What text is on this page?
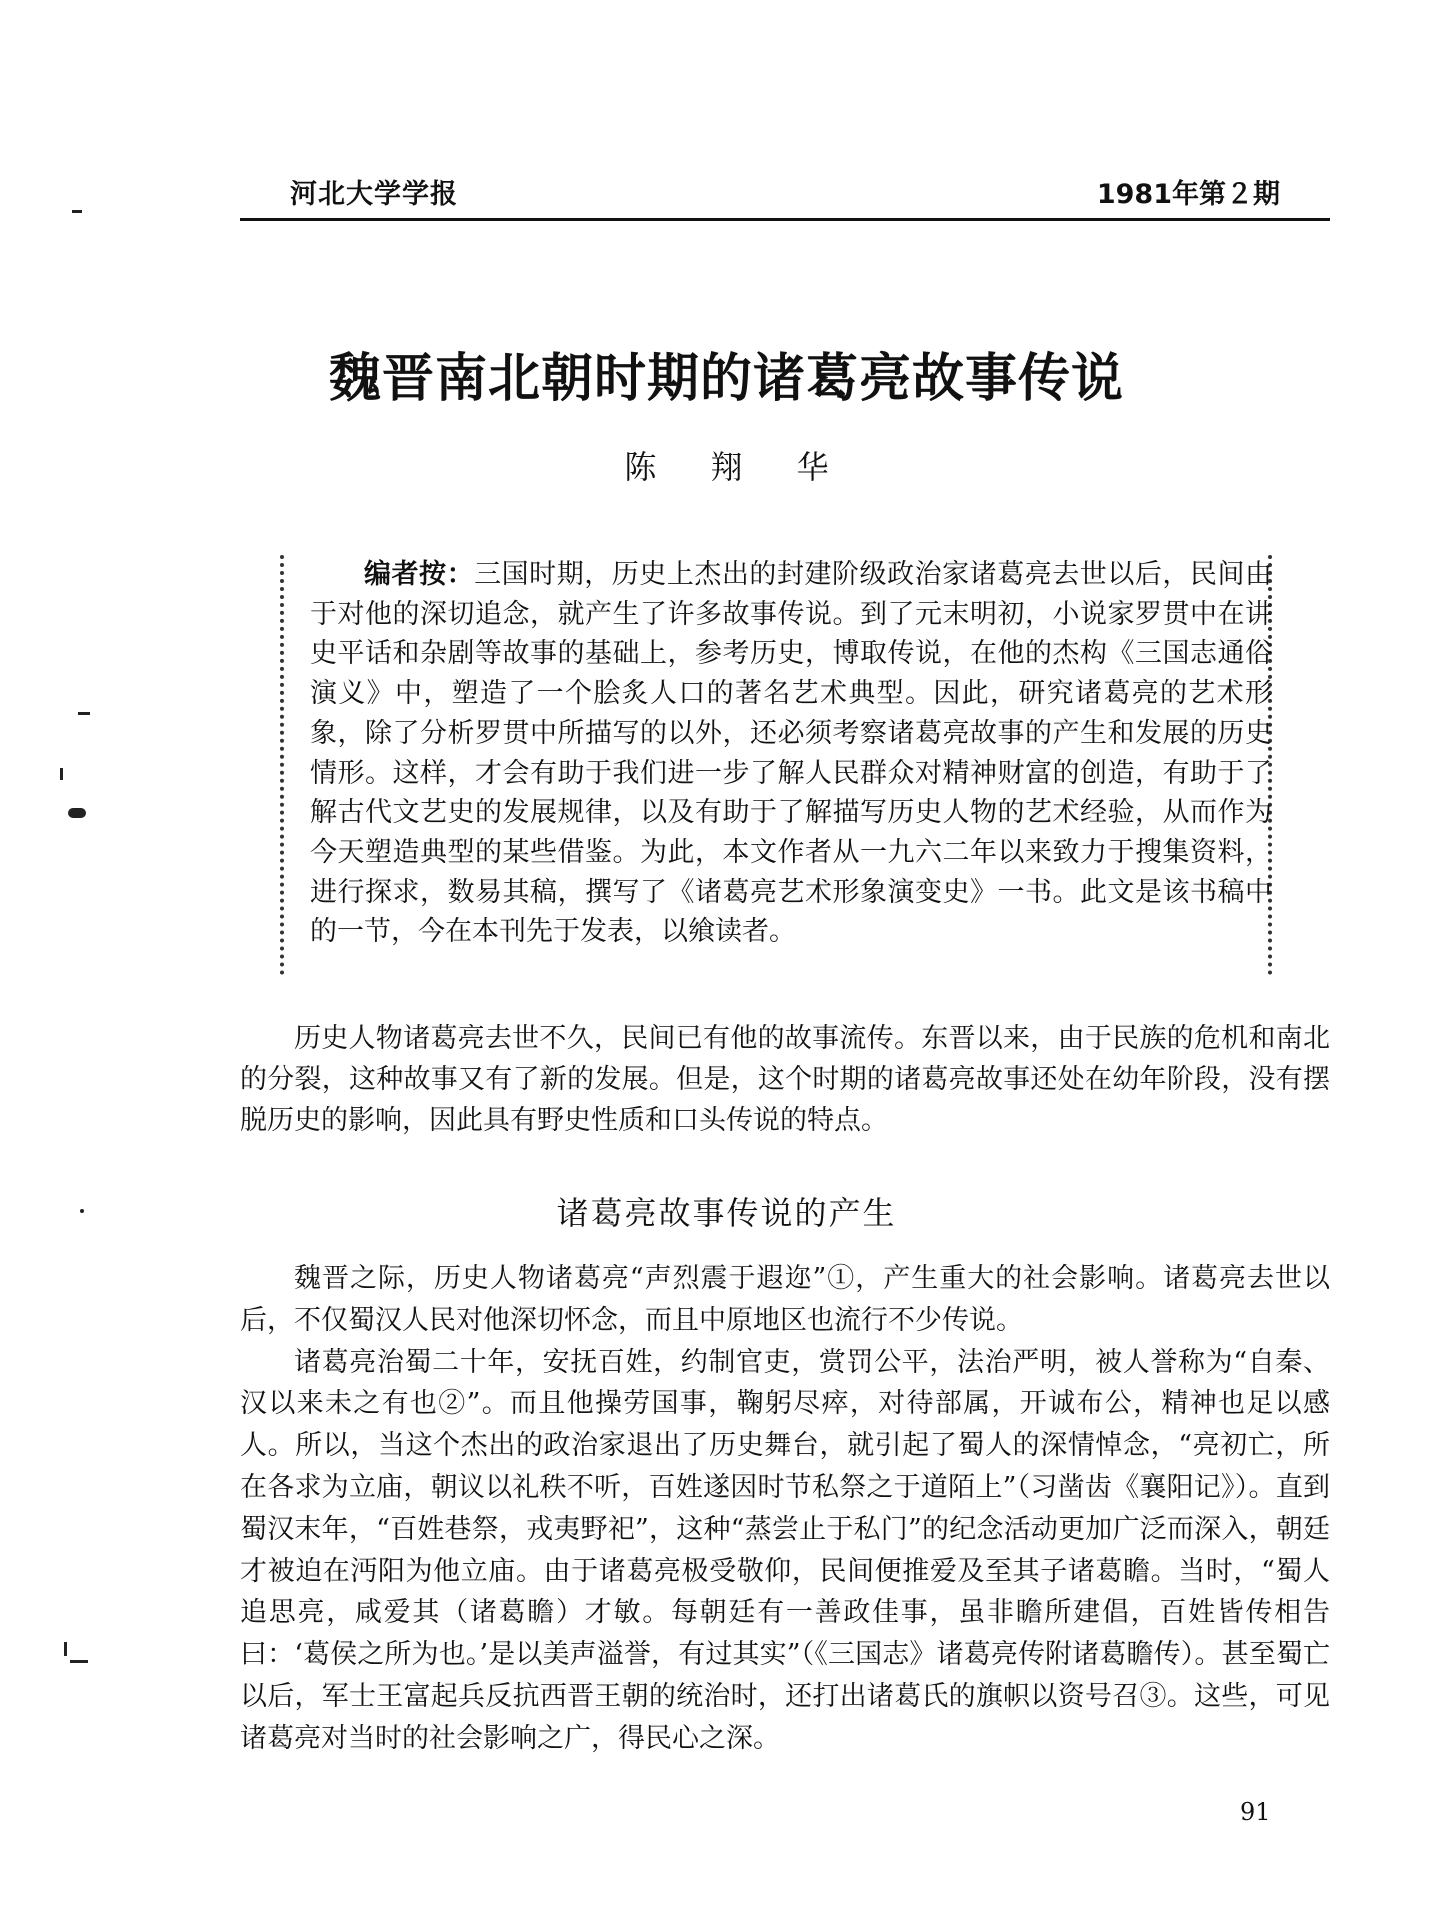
河北大学学报	1981年第２期
魏晋南北朝时期的诸葛亮故事传说
陈 翔 华
编者按：三国时期，历史上杰出的封建阶级政治家诸葛亮去世以后，民间由于对他的深切追念，就产生了许多故事传说。到了元末明初，小说家罗贯中在讲史平话和杂剧等故事的基础上，参考历史，博取传说，在他的杰构《三国志通俗演义》中，塑造了一个脍炙人口的著名艺术典型。因此，研究诸葛亮的艺术形象，除了分析罗贯中所描写的以外，还必须考察诸葛亮故事的产生和发展的历史情形。这样，才会有助于我们进一步了解人民群众对精神财富的创造，有助于了解古代文艺史的发展规律，以及有助于了解描写历史人物的艺术经验，从而作为今天塑造典型的某些借鉴。为此，本文作者从一九六二年以来致力于搜集资料，进行探求，数易其稿，撰写了《诸葛亮艺术形象演变史》一书。此文是该书稿中的一节，今在本刊先于发表，以飨读者。
历史人物诸葛亮去世不久，民间已有他的故事流传。东晋以来，由于民族的危机和南北的分裂，这种故事又有了新的发展。但是，这个时期的诸葛亮故事还处在幼年阶段，没有摆脱历史的影响，因此具有野史性质和口头传说的特点。
诸葛亮故事传说的产生

魏晋之际，历史人物诸葛亮“声烈震于遐迩”①，产生重大的社会影响。诸葛亮去世以后，不仅蜀汉人民对他深切怀念，而且中原地区也流行不少传说。

诸葛亮治蜀二十年，安抚百姓，约制官吏，赏罚公平，法治严明，被人誉称为“自秦、汉以来未之有也②”。而且他操劳国事，鞠躬尽瘁，对待部属，开诚布公，精神也足以感人。所以，当这个杰出的政治家退出了历史舞台，就引起了蜀人的深情悼念，“亮初亡，所在各求为立庙，朝议以礼秩不听，百姓遂因时节私祭之于道陌上”（习凿齿《襄阳记》）。直到蜀汉末年，“百姓巷祭，戎夷野祀”，这种“蒸尝止于私门”的纪念活动更加广泛而深入，朝廷才被迫在沔阳为他立庙。由于诸葛亮极受敬仰，民间便推爱及至其子诸葛瞻。当时，“蜀人追思亮，咸爱其（诸葛瞻）才敏。每朝廷有一善政佳事，虽非瞻所建倡，百姓皆传相告曰：‘葛侯之所为也。’是以美声溢誉，有过其实”（《三国志》诸葛亮传附诸葛瞻传）。甚至蜀亡以后，军士王富起兵反抗西晋王朝的统治时，还打出诸葛氏的旗帜以资号召③。这些，可见诸葛亮对当时的社会影响之广，得民心之深。

91
